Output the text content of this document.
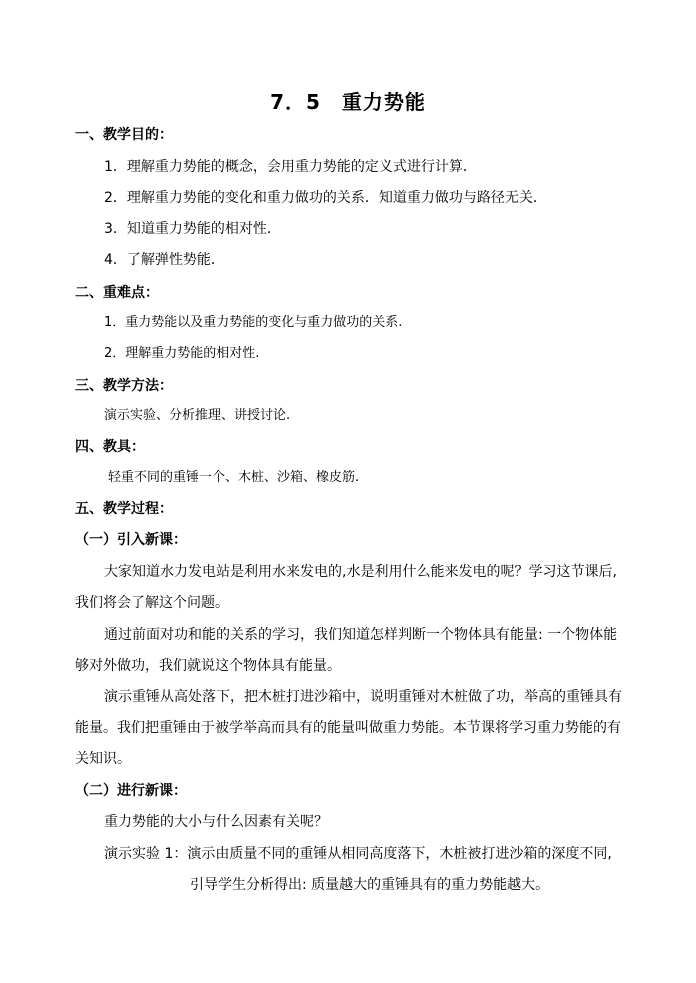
7．5　重力势能
一、教学目的：
1．理解重力势能的概念，会用重力势能的定义式进行计算．
2．理解重力势能的变化和重力做功的关系．知道重力做功与路径无关．
3．知道重力势能的相对性．
4．了解弹性势能．
二、重难点：
1．重力势能以及重力势能的变化与重力做功的关系.
2．理解重力势能的相对性.
三、教学方法：
演示实验、分析推理、讲授讨论.
四、教具：
轻重不同的重锤一个、木桩、沙箱、橡皮筋.
五、教学过程：
（一）引入新课：
大家知道水力发电站是利用水来发电的,水是利用什么能来发电的呢？学习这节课后,
我们将会了解这个问题。
通过前面对功和能的关系的学习，我们知道怎样判断一个物体具有能量: 一个物体能
够对外做功，我们就说这个物体具有能量。
演示重锤从高处落下，把木桩打进沙箱中，说明重锤对木桩做了功，举高的重锤具有
能量。我们把重锤由于被学举高而具有的能量叫做重力势能。本节课将学习重力势能的有
关知识。
（二）进行新课：
重力势能的大小与什么因素有关呢？
演示实验 1：演示由质量不同的重锤从相同高度落下，木桩被打进沙箱的深度不同,
引导学生分析得出: 质量越大的重锤具有的重力势能越大。
